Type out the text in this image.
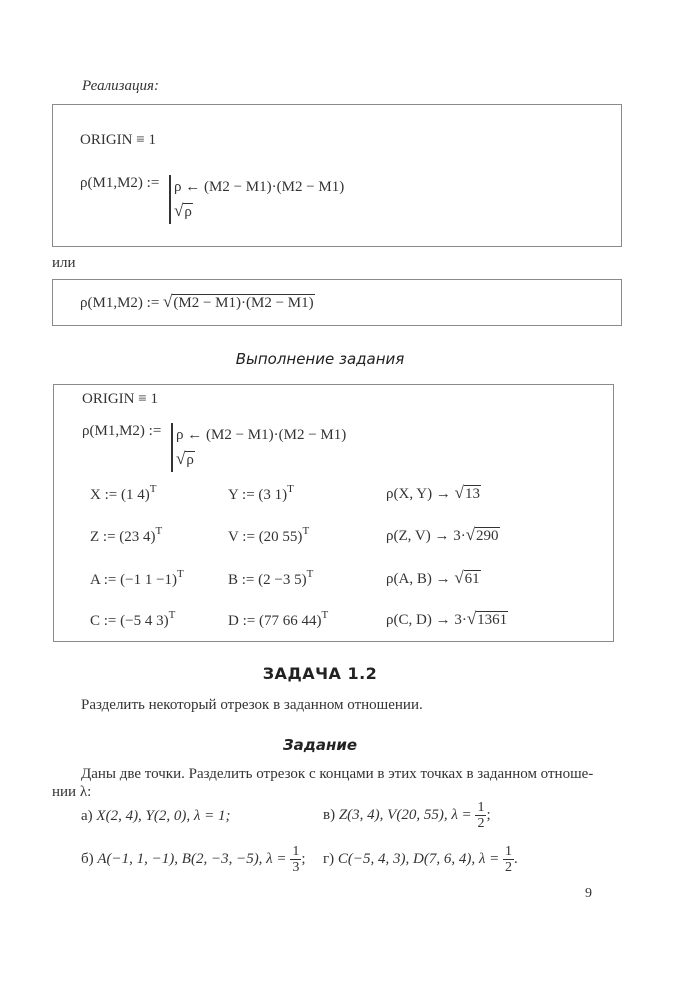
Реализация:
ORIGIN ≡ 1
ρ(M1,M2) := ρ ← (M2 − M1)·(M2 − M1)
√ρ
или
ρ(M1,M2) := √(M2 − M1)·(M2 − M1)
Выполнение задания
ORIGIN ≡ 1
ρ(M1,M2) := ρ ← (M2 − M1)·(M2 − M1)
√ρ
X := (1 4)$^T$	Y := (3 1)$^T$	ρ(X, Y) → √13
Z := (23 4)$^T$	V := (20 55)$^T$	ρ(Z, V) → 3·√290
A := (−1 1 −1)$^T$	B := (2 −3 5)$^T$	ρ(A, B) → √61
C := (−5 4 3)$^T$	D := (77 66 44)$^T$	ρ(C, D) → 3·√1361
ЗАДАЧА 1.2
Разделить некоторый отрезок в заданном отношении.
Задание
Даны две точки. Разделить отрезок с концами в этих точках в заданном отноше-
нии λ:
а) X(2, 4), Y(2, 0), λ = 1;	в) Z(3, 4), V(20, 55), $\lambda = \frac{1}{2}$ ;
б) A(−1, 1, −1), B(2, −3, −5), $\lambda = \frac{1}{3}$ ; г) C(−5, 4, 3), D(7, 6, 4), $\lambda = \frac{1}{2}$ .
9
